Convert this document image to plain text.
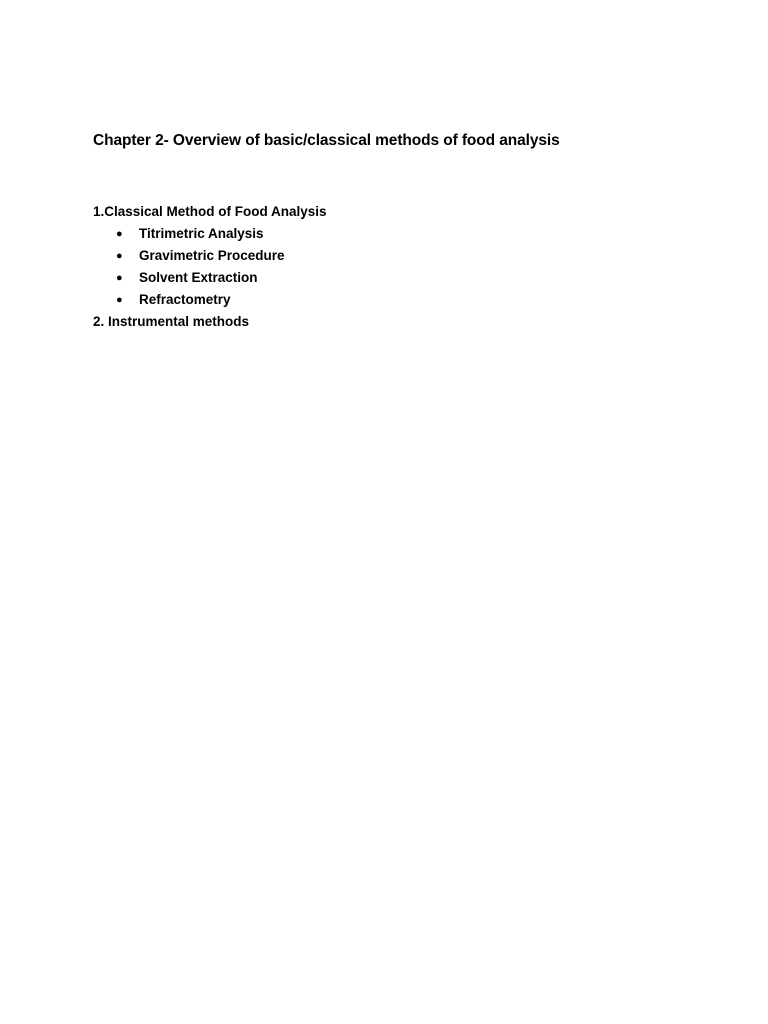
Chapter 2- Overview of basic/classical methods of food analysis

1.Classical Method of Food Analysis

● Titrimetric Analysis
● Gravimetric Procedure
● Solvent Extraction
● Refractometry

2. Instrumental methods
